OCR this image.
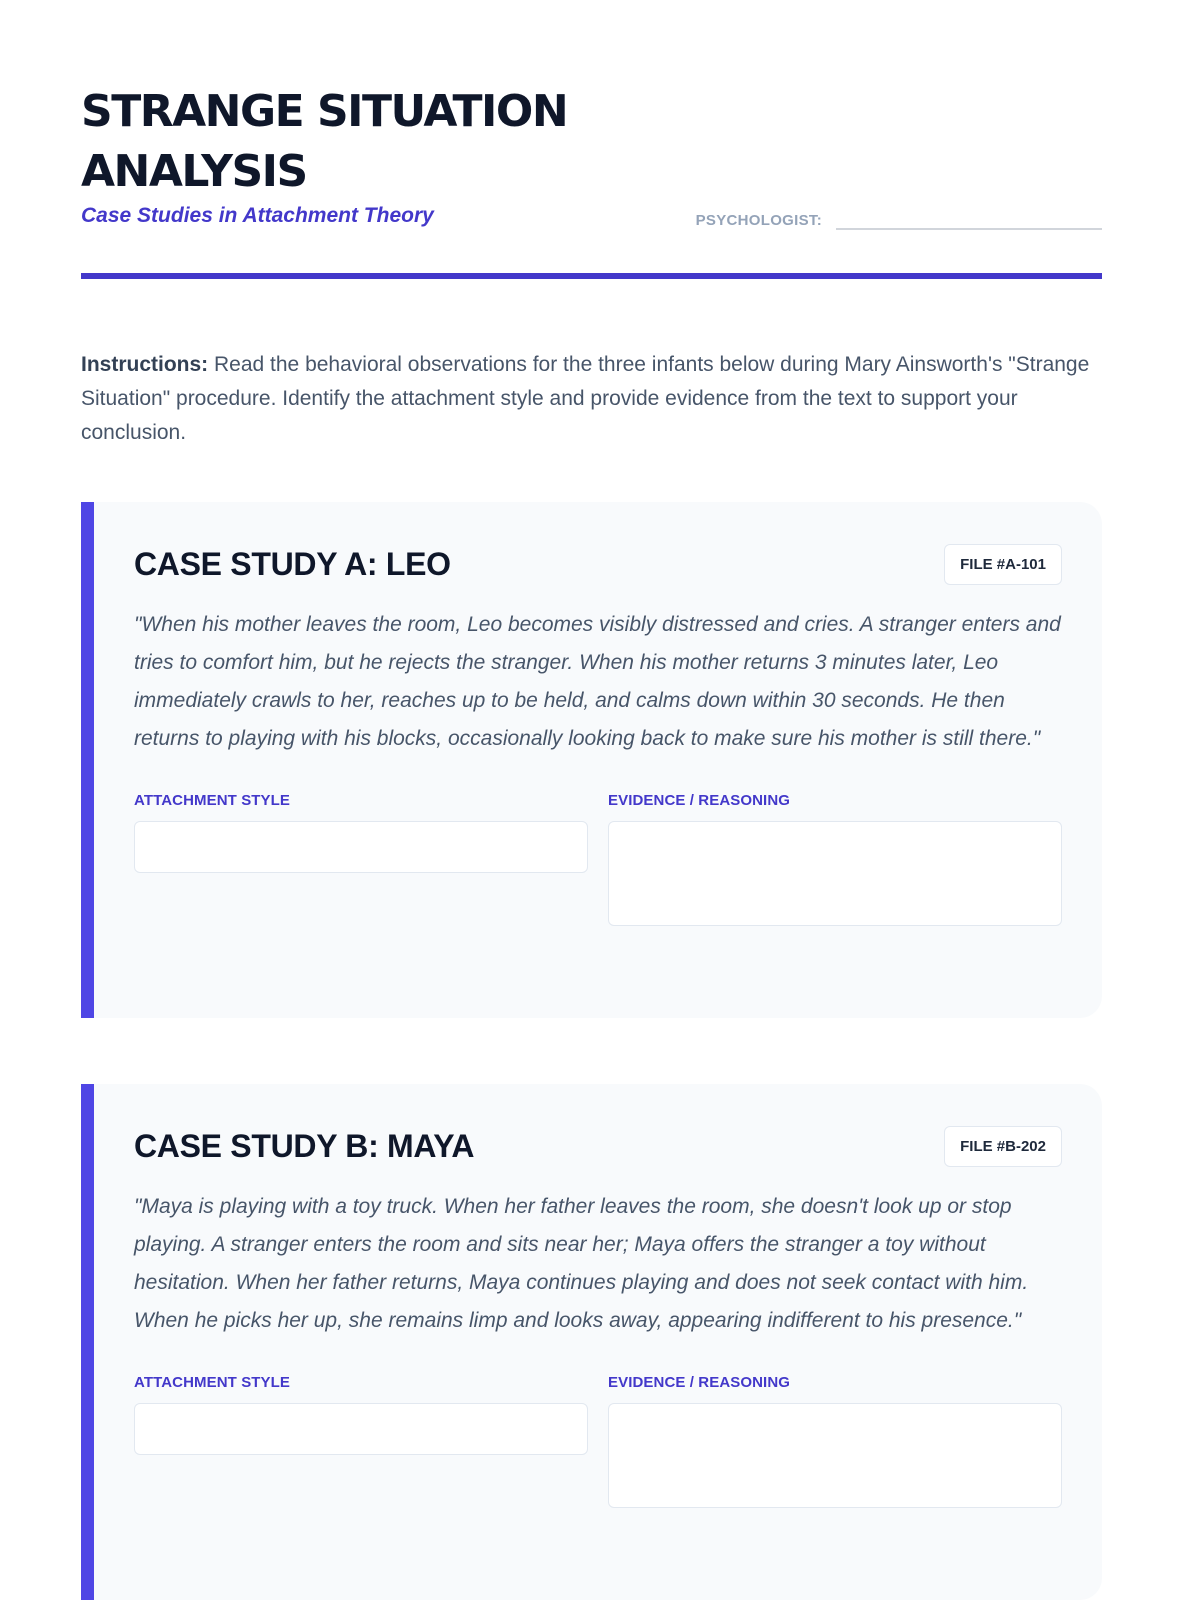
STRANGE SITUATION
ANALYSIS
Case Studies in Attachment Theory	PSYCHOLOGIST:

Instructions: Read the behavioral observations for the three infants below during Mary Ainsworth's "Strange Situation" procedure. Identify the attachment style and provide evidence from the text to support your conclusion.

CASE STUDY A: LEO	FILE #A-101
"When his mother leaves the room, Leo becomes visibly distressed and cries. A stranger enters and tries to comfort him, but he rejects the stranger. When his mother returns 3 minutes later, Leo immediately crawls to her, reaches up to be held, and calms down within 30 seconds. He then returns to playing with his blocks, occasionally looking back to make sure his mother is still there."
ATTACHMENT STYLE	EVIDENCE / REASONING
CASE STUDY B: MAYA	FILE #B-202
"Maya is playing with a toy truck. When her father leaves the room, she doesn't look up or stop playing. A stranger enters the room and sits near her; Maya offers the stranger a toy without hesitation. When her father returns, Maya continues playing and does not seek contact with him. When he picks her up, she remains limp and looks away, appearing indifferent to his presence."
ATTACHMENT STYLE	EVIDENCE / REASONING
